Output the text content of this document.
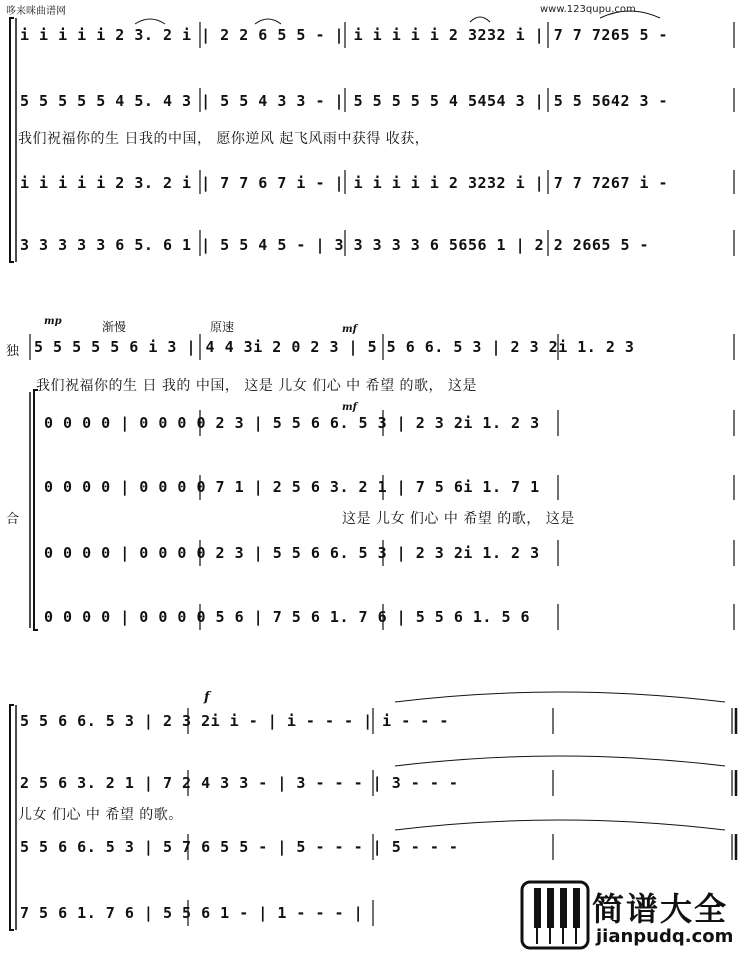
哆来咪曲谱网	www.123qupu.com
i i i i i 2 3. 2 i | 2 2 6 5 5 - | i i i i i 2 3232 i | 7 7 7265 5 -
5 5 5 5 5 4 5. 4 3 | 5 5 4 3 3 - | 5 5 5 5 5 4 5454 3 | 5 5 5642 3 -
我们祝福你的生 日我的中国， 愿你逆风 起飞风雨中获得 收获，
i i i i i 2 3. 2 i | 7 7 6 7 i - | i i i i i 2 3232 i | 7 7 7267 i -
3 3 3 3 3 6 5. 6 1 | 5 5 4 5 - | 3 3 3 3 3 6 5656 1 | 2 2 2665 5 -
mp	渐慢	原速	mf
独 5 5 5 5 5 6 i 3 | 4 4 3i 2 0 2 3 | 5 5 6 6. 5 3 | 2 3 2i 1. 2 3
我们祝福你的生 日 我的 中国， 这是 儿女 们心 中 希望 的歌， 这是
mf
0 0 0 0 | 0 0 0 0 2 3 | 5 5 6 6. 5 3 | 2 3 2i 1. 2 3
0 0 0 0 | 0 0 0 0 7 1 | 2 5 6 3. 2 1 | 7 5 6i 1. 7 1
这是 儿女 们心 中 希望 的歌， 这是
合
0 0 0 0 | 0 0 0 0 2 3 | 5 5 6 6. 5 3 | 2 3 2i 1. 2 3
0 0 0 0 | 0 0 0 0 5 6 | 7 5 6 1. 7 6 | 5 5 6 1. 5 6
f
5 5 6 6. 5 3 | 2 3 2i i - | i - - - | i - - -
2 5 6 3. 2 1 | 7 2 4 3 3 - | 3 - - - | 3 - - -
儿女 们心 中 希望 的歌。
5 5 6 6. 5 3 | 5 7 6 5 5 - | 5 - - - | 5 - - -
7 5 6 1. 7 6 | 5 5 6 1 - | 1 - - - |	简谱大全
jianpudq.com
